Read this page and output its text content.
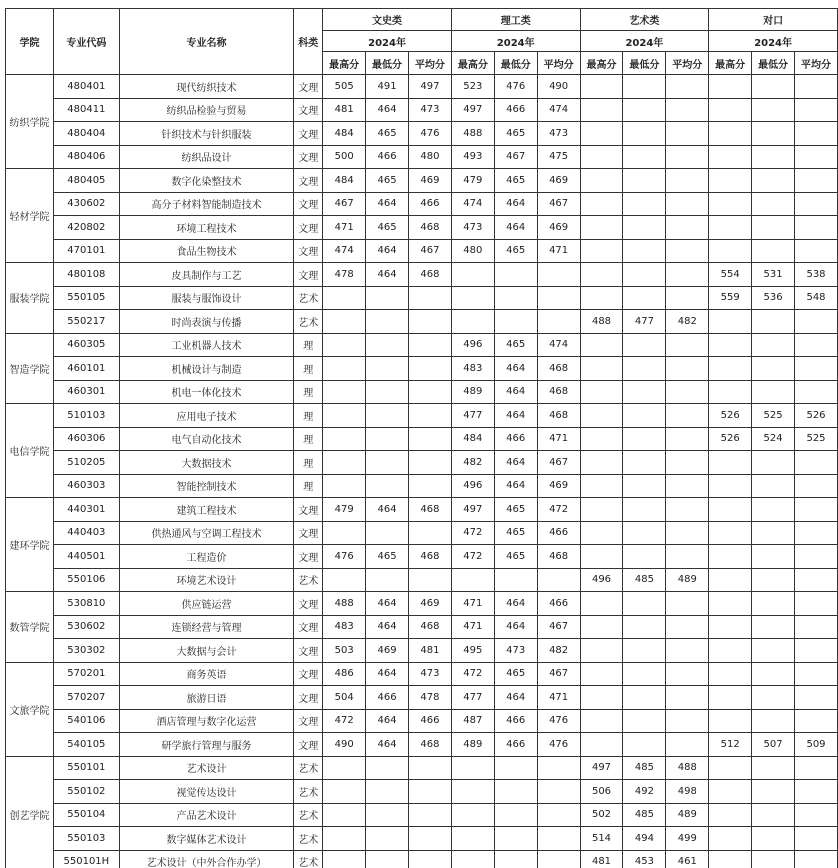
学院	专业代码	专业名称	科类	文史类			理工类			艺术类			对口		
				2024年			2024年			2024年			2024年		
				最高分	最低分	平均分	最高分	最低分	平均分	最高分	最低分	平均分	最高分	最低分	平均分
纺织学院	480401	现代纺织技术	文理	505	491	497	523	476	490						
	480411	纺织品检验与贸易	文理	481	464	473	497	466	474						
	480404	针织技术与针织服装	文理	484	465	476	488	465	473						
	480406	纺织品设计	文理	500	466	480	493	467	475						
轻材学院	480405	数字化染整技术	文理	484	465	469	479	465	469						
	430602	高分子材料智能制造技术	文理	467	464	466	474	464	467						
	420802	环境工程技术	文理	471	465	468	473	464	469						
	470101	食品生物技术	文理	474	464	467	480	465	471						
服装学院	480108	皮具制作与工艺	文理	478	464	468							554	531	538
	550105	服装与服饰设计	艺术										559	536	548
	550217	时尚表演与传播	艺术							488	477	482			
智造学院	460305	工业机器人技术	理				496	465	474						
	460101	机械设计与制造	理				483	464	468						
	460301	机电一体化技术	理				489	464	468						
电信学院	510103	应用电子技术	理				477	464	468				526	525	526
	460306	电气自动化技术	理				484	466	471				526	524	525
	510205	大数据技术	理				482	464	467						
	460303	智能控制技术	理				496	464	469						
建环学院	440301	建筑工程技术	文理	479	464	468	497	465	472						
	440403	供热通风与空调工程技术	文理				472	465	466						
	440501	工程造价	文理	476	465	468	472	465	468						
	550106	环境艺术设计	艺术							496	485	489			
数管学院	530810	供应链运营	文理	488	464	469	471	464	466						
	530602	连锁经营与管理	文理	483	464	468	471	464	467						
	530302	大数据与会计	文理	503	469	481	495	473	482						
文旅学院	570201	商务英语	文理	486	464	473	472	465	467						
	570207	旅游日语	文理	504	466	478	477	464	471						
	540106	酒店管理与数字化运营	文理	472	464	466	487	466	476						
	540105	研学旅行管理与服务	文理	490	464	468	489	466	476				512	507	509
创艺学院	550101	艺术设计	艺术							497	485	488			
	550102	视觉传达设计	艺术							506	492	498			
	550104	产品艺术设计	艺术							502	485	489			
	550103	数字媒体艺术设计	艺术							514	494	499			
	550101H	艺术设计（中外合作办学）	艺术							481	453	461			
